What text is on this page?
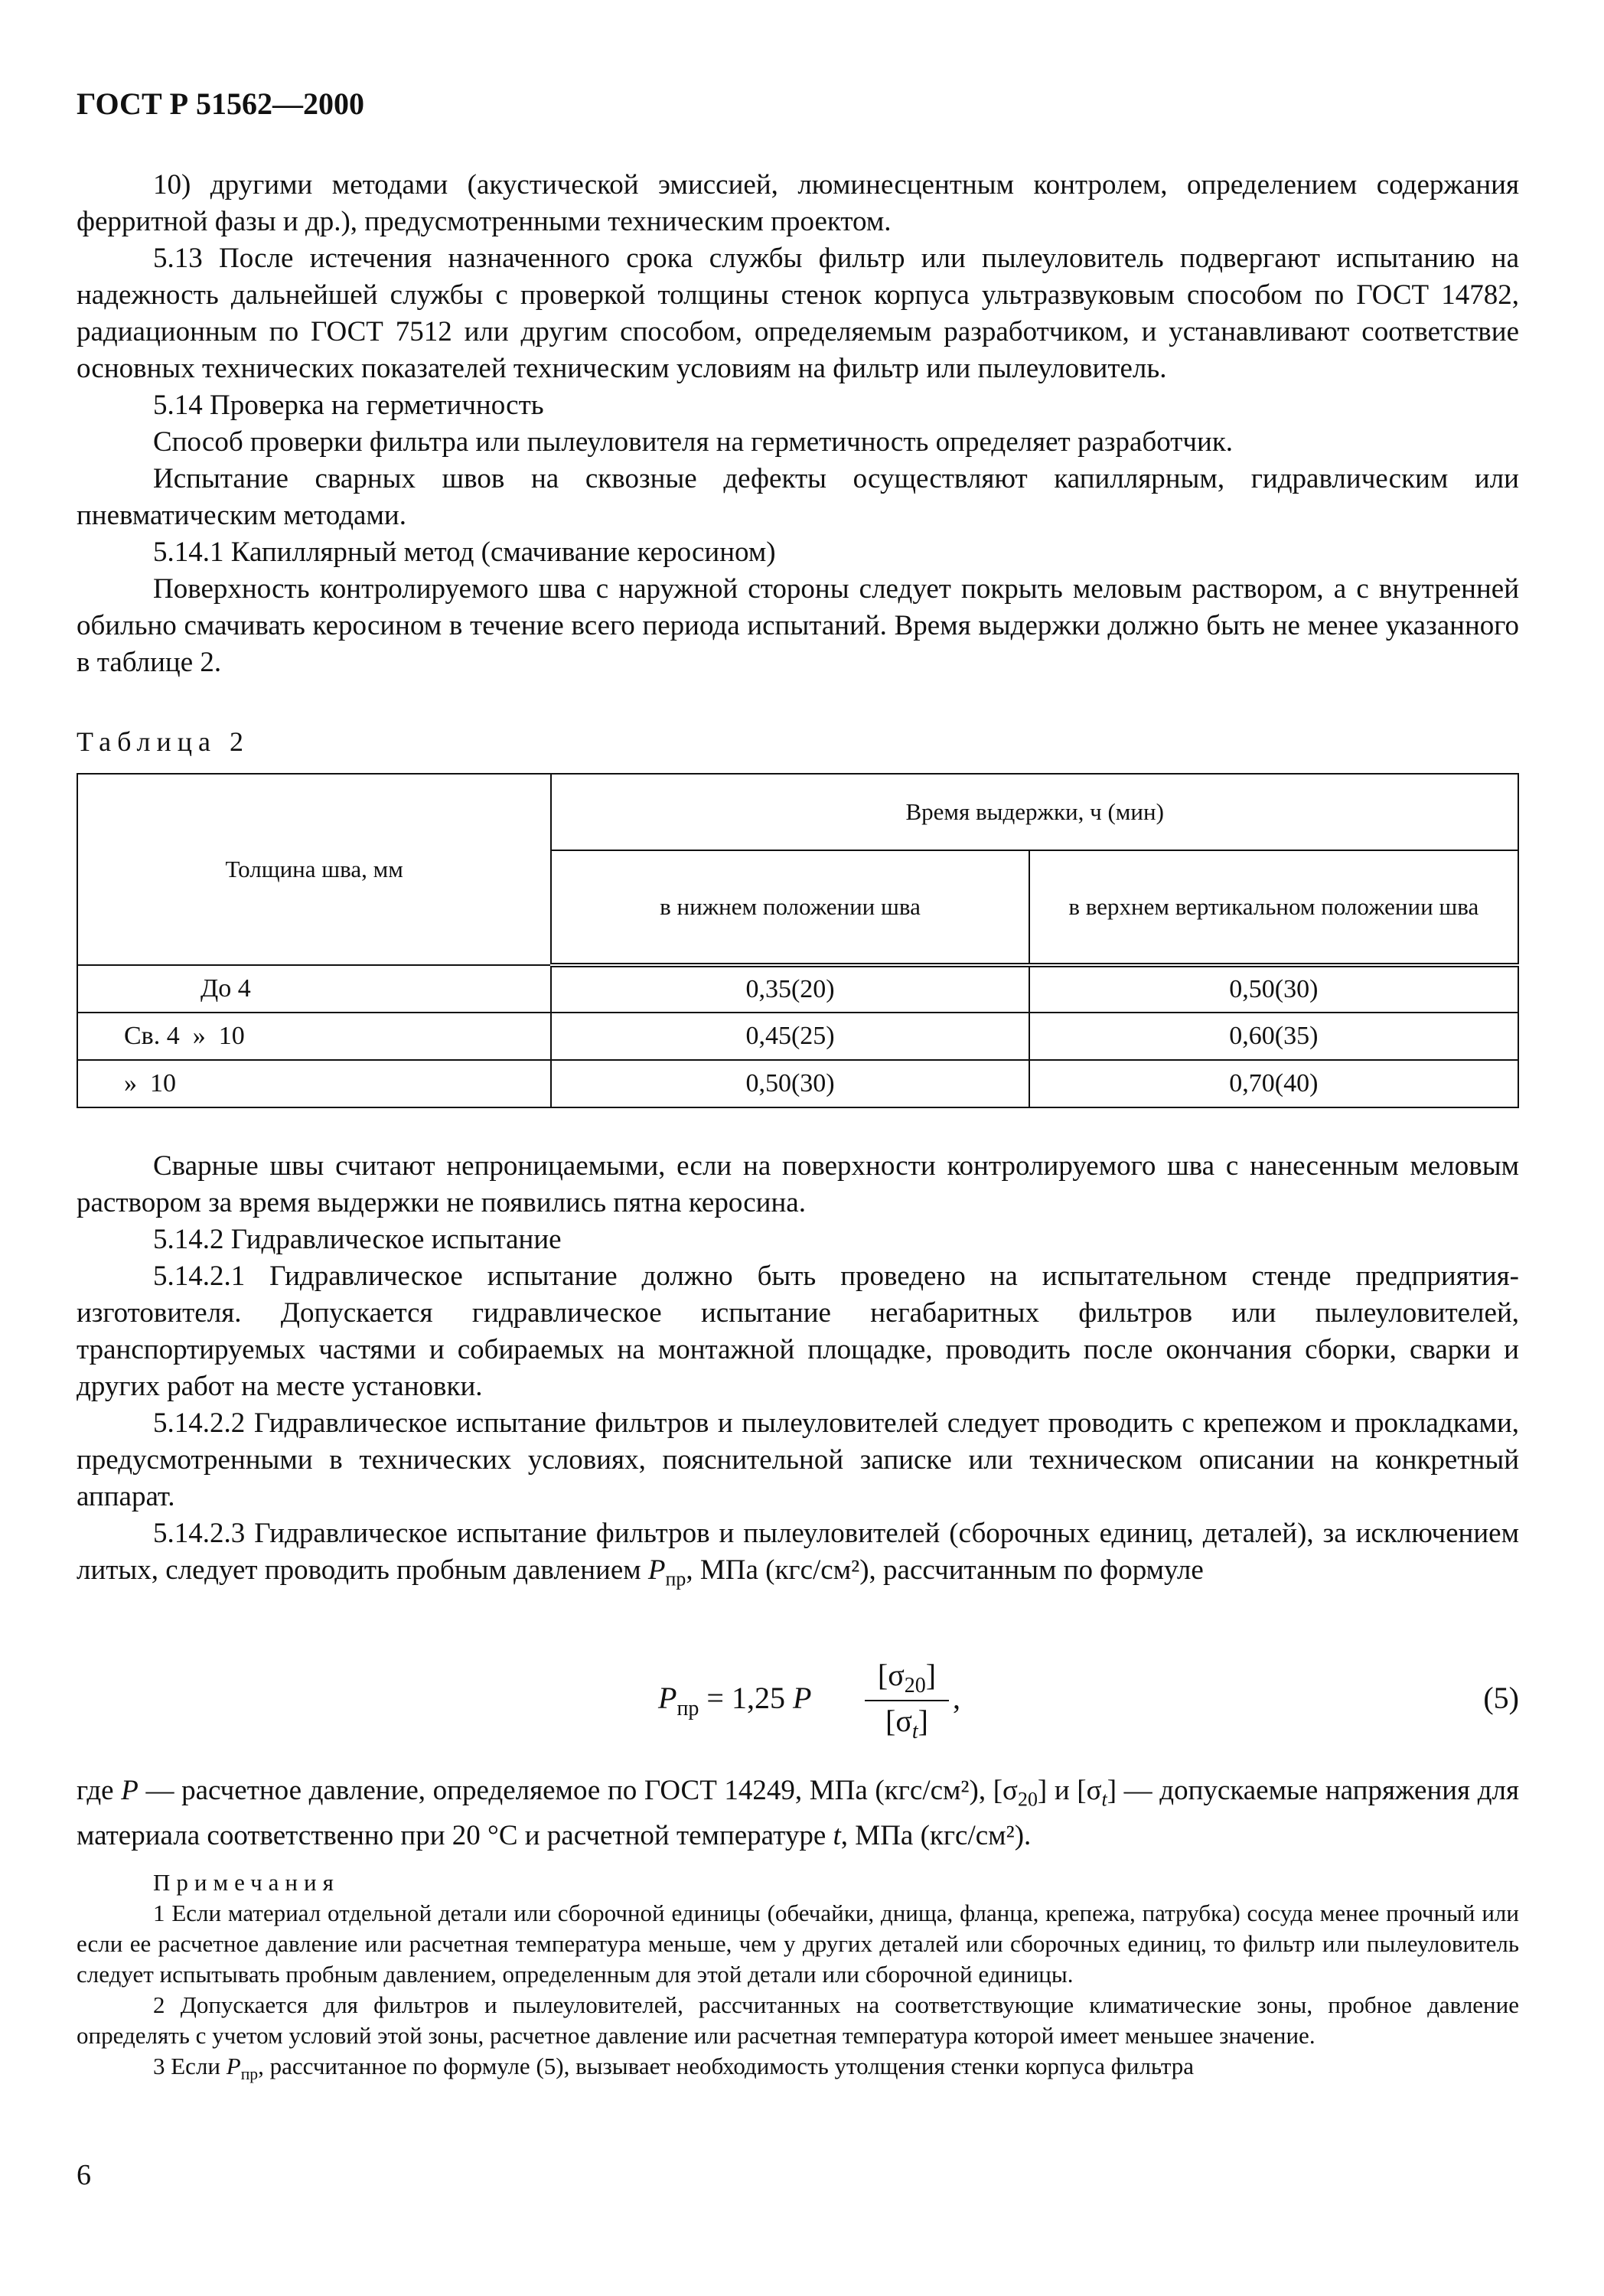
ГОСТ Р 51562—2000

10) другими методами (акустической эмиссией, люминесцентным контролем, определением содержания ферритной фазы и др.), предусмотренными техническим проектом.

5.13 После истечения назначенного срока службы фильтр или пылеуловитель подвергают испытанию на надежность дальнейшей службы с проверкой толщины стенок корпуса ультразвуковым способом по ГОСТ 14782, радиационным по ГОСТ 7512 или другим способом, определяемым разработчиком, и устанавливают соответствие основных технических показателей техническим условиям на фильтр или пылеуловитель.

5.14 Проверка на герметичность

Способ проверки фильтра или пылеуловителя на герметичность определяет разработчик.

Испытание сварных швов на сквозные дефекты осуществляют капиллярным, гидравлическим или пневматическим методами.

5.14.1 Капиллярный метод (смачивание керосином)

Поверхность контролируемого шва с наружной стороны следует покрыть меловым раствором, а с внутренней обильно смачивать керосином в течение всего периода испытаний. Время выдержки должно быть не менее указанного в таблице 2.

Таблица 2
Толщина шва, мм	Время выдержки, ч (мин)	
	в нижнем положении шва	в верхнем вертикальном положении шва
До 4	0,35(20)	0,50(30)
Св. 4  »  10	0,45(25)	0,60(35)
»  10	0,50(30)	0,70(40)

Сварные швы считают непроницаемыми, если на поверхности контролируемого шва с нанесенным меловым раствором за время выдержки не появились пятна керосина.

5.14.2 Гидравлическое испытание

5.14.2.1 Гидравлическое испытание должно быть проведено на испытательном стенде предприятия-изготовителя. Допускается гидравлическое испытание негабаритных фильтров или пылеуловителей, транспортируемых частями и собираемых на монтажной площадке, проводить после окончания сборки, сварки и других работ на месте установки.

5.14.2.2 Гидравлическое испытание фильтров и пылеуловителей следует проводить с крепежом и прокладками, предусмотренными в технических условиях, пояснительной записке или техническом описании на конкретный аппарат.

5.14.2.3 Гидравлическое испытание фильтров и пылеуловителей (сборочных единиц, деталей), за исключением литых, следует проводить пробным давлением $P_{пр}$, МПа (кгс/см²), рассчитанным по формуле

$P_{пр} = 1,25$ P $\frac{[\sigma_{20}]}{[\sigma_t]}$ ,	(5)

где P — расчетное давление, определяемое по ГОСТ 14249, МПа (кгс/см²), $[\sigma_{20}]$ и $[\sigma_t]$ — допускаемые напряжения для материала соответственно при 20 °С и расчетной температуре t, МПа (кгс/см²).

Примечания

1 Если материал отдельной детали или сборочной единицы (обечайки, днища, фланца, крепежа, патрубка) сосуда менее прочный или если ее расчетное давление или расчетная температура меньше, чем у других деталей или сборочных единиц, то фильтр или пылеуловитель следует испытывать пробным давлением, определенным для этой детали или сборочной единицы.

2 Допускается для фильтров и пылеуловителей, рассчитанных на соответствующие климатические зоны, пробное давление определять с учетом условий этой зоны, расчетное давление или расчетная температура которой имеет меньшее значение.

3 Если $P_{пр}$, рассчитанное по формуле (5), вызывает необходимость утолщения стенки корпуса фильтра

6
